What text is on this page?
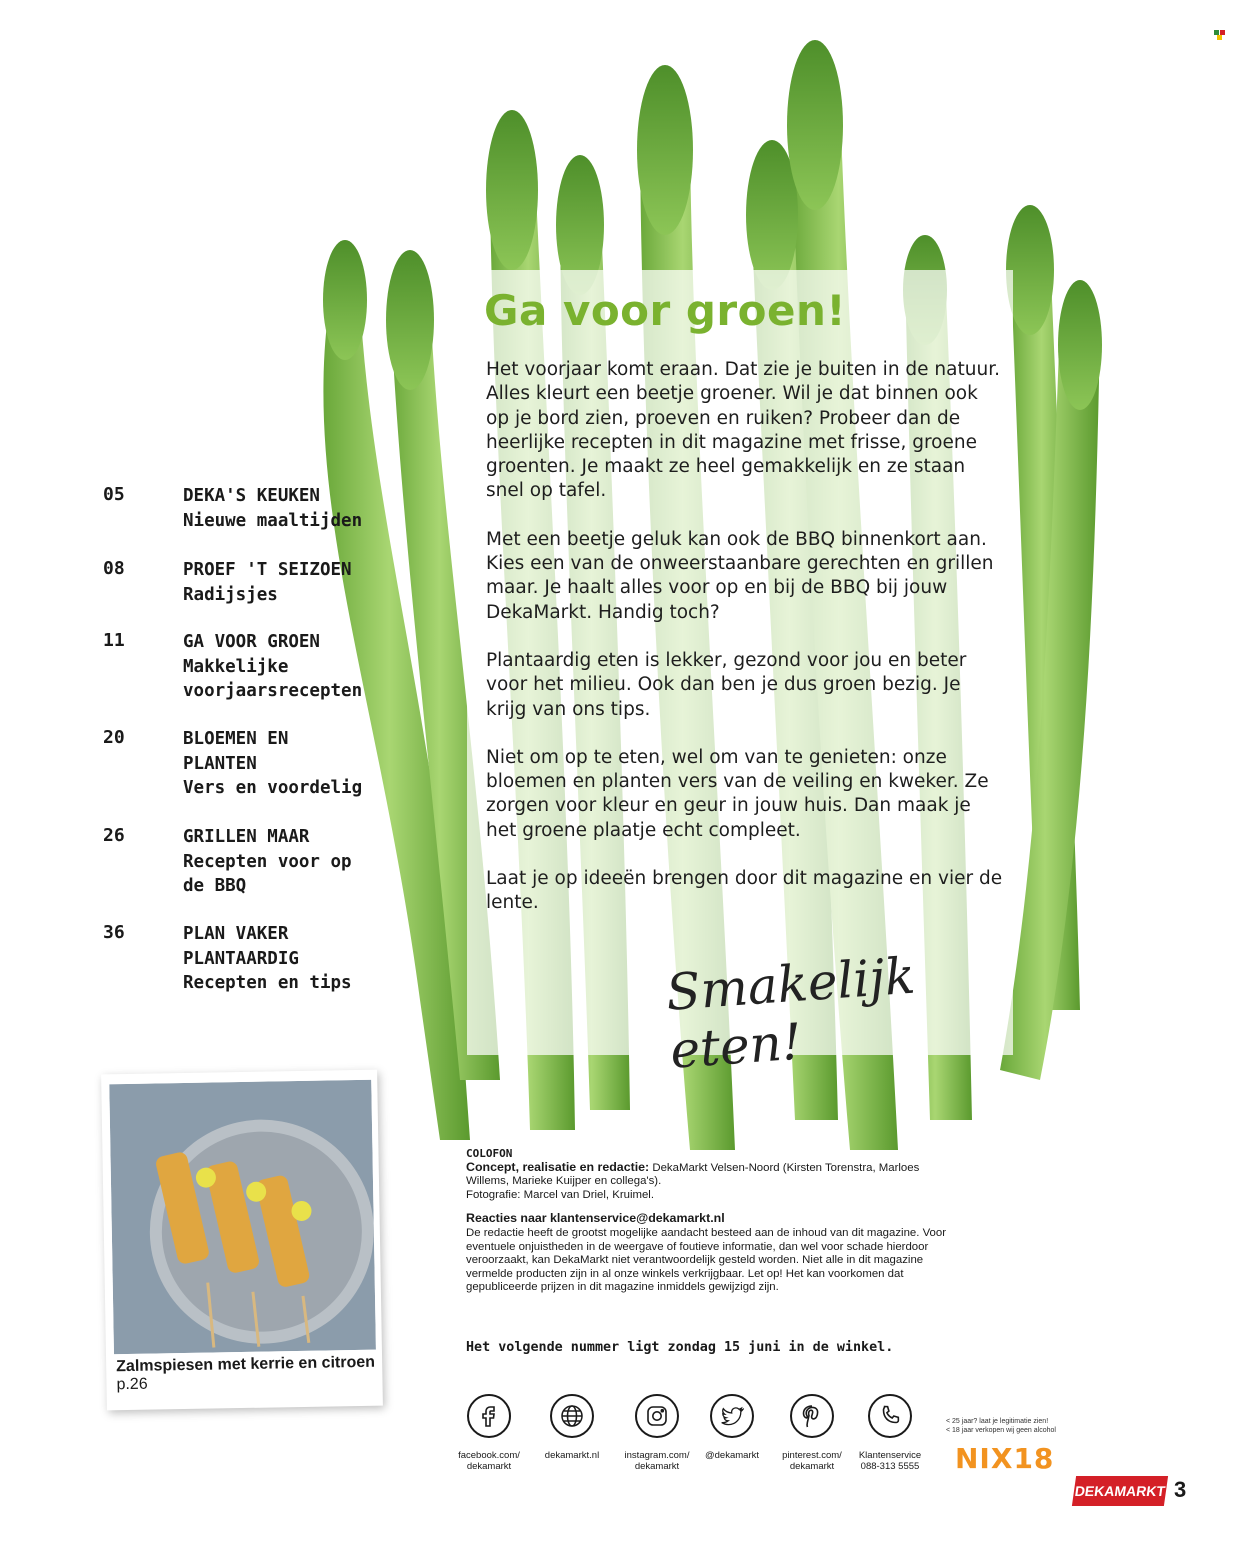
Ga voor groen!

Het voorjaar komt eraan. Dat zie je buiten in de natuur. Alles kleurt een beetje groener. Wil je dat binnen ook op je bord zien, proeven en ruiken? Probeer dan de heerlijke recepten in dit magazine met frisse, groene groenten. Je maakt ze heel gemakkelijk en ze staan snel op tafel.

Met een beetje geluk kan ook de BBQ binnenkort aan. Kies een van de onweerstaanbare gerechten en grillen maar. Je haalt alles voor op en bij de BBQ bij jouw DekaMarkt. Handig toch?

Plantaardig eten is lekker, gezond voor jou en beter voor het milieu. Ook dan ben je dus groen bezig. Je krijg van ons tips.

Niet om op te eten, wel om van te genieten: onze bloemen en planten vers van de veiling en kweker. Ze zorgen voor kleur en geur in jouw huis. Dan maak je het groene plaatje echt compleet.

Laat je op ideeën brengen door dit magazine en vier de lente.

Smakelijk eten!
05	DEKA'S KEUKEN
Nieuwe maaltijden
08	PROEF 'T SEIZOEN
Radijsjes
11	GA VOOR GROEN
Makkelijke
voorjaarsrecepten
20	BLOEMEN EN
PLANTEN
Vers en voordelig
26	GRILLEN MAAR
Recepten voor op
de BBQ
36	PLAN VAKER
PLANTAARDIG
Recepten en tips
Zalmspiesen met kerrie en citroen p.26

COLOFON

Concept, realisatie en redactie: DekaMarkt Velsen-Noord (Kirsten Torenstra, Marloes Willems, Marieke Kuijper en collega's).

Fotografie: Marcel van Driel, Kruimel.

Reacties naar klantenservice@dekamarkt.nl

De redactie heeft de grootst mogelijke aandacht besteed aan de inhoud van dit magazine. Voor eventuele onjuistheden in de weergave of foutieve informatie, dan wel voor schade hierdoor veroorzaakt, kan DekaMarkt niet verantwoordelijk gesteld worden. Niet alle in dit magazine vermelde producten zijn in al onze winkels verkrijgbaar. Let op! Het kan voorkomen dat gepubliceerde prijzen in dit magazine inmiddels gewijzigd zijn.

Het volgende nummer ligt zondag 15 juni in de winkel.
facebook.com/
dekamarkt
dekamarkt.nl	instagram.com/
dekamarkt
@dekamarkt	pinterest.com/
dekamarkt
Klantenservice
088-313 5555
< 25 jaar? laat je legitimatie zien!
< 18 jaar verkopen wij geen alcohol
NIX18
DEKAMARKT 3
